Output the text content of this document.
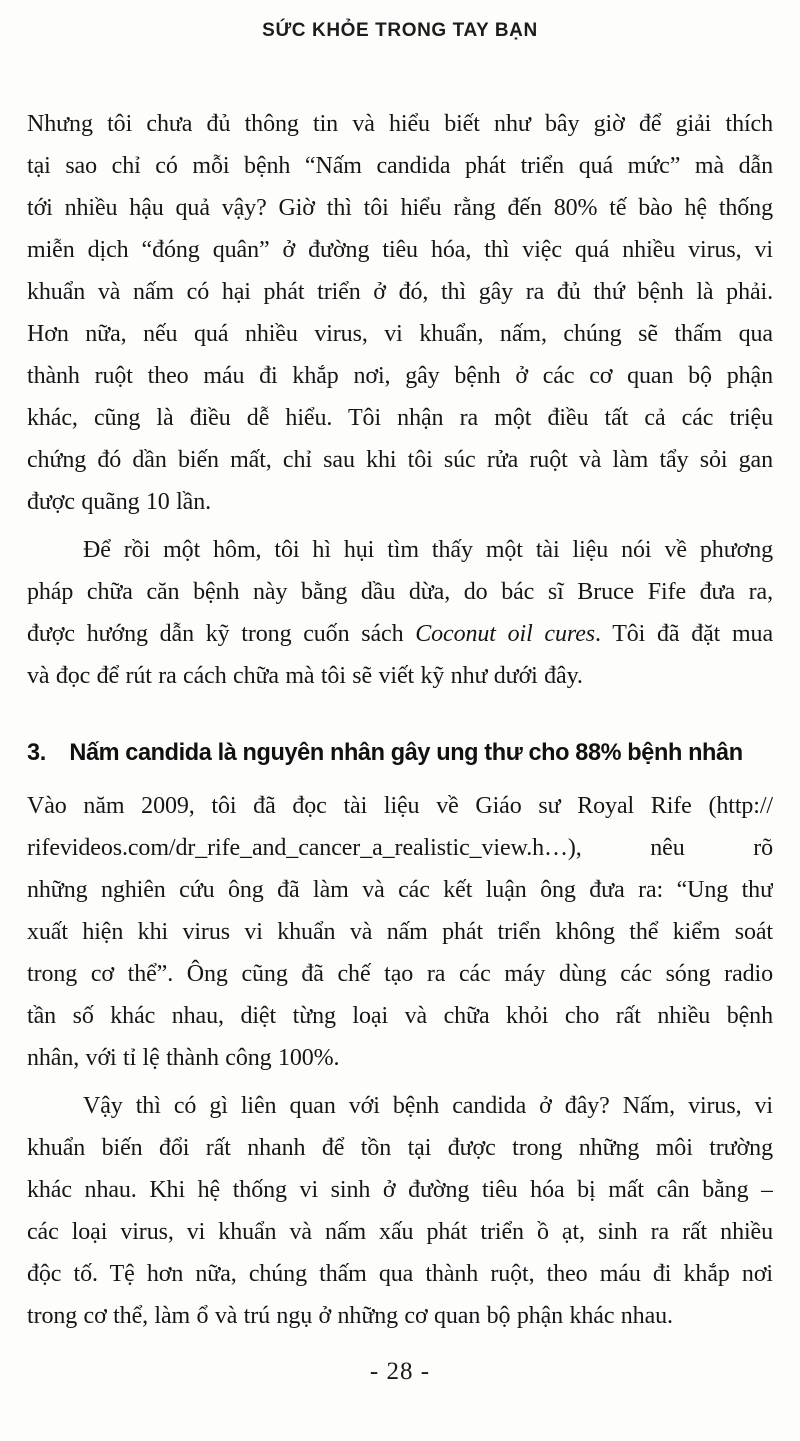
SỨC KHỎE TRONG TAY BẠN
Nhưng tôi chưa đủ thông tin và hiểu biết như bây giờ để giải thích
tại sao chỉ có mỗi bệnh “Nấm candida phát triển quá mức” mà dẫn
tới nhiều hậu quả vậy? Giờ thì tôi hiểu rằng đến 80% tế bào hệ thống
miễn dịch “đóng quân” ở đường tiêu hóa, thì việc quá nhiều virus, vi
khuẩn và nấm có hại phát triển ở đó, thì gây ra đủ thứ bệnh là phải.
Hơn nữa, nếu quá nhiều virus, vi khuẩn, nấm, chúng sẽ thấm qua
thành ruột theo máu đi khắp nơi, gây bệnh ở các cơ quan bộ phận
khác, cũng là điều dễ hiểu. Tôi nhận ra một điều tất cả các triệu
chứng đó dần biến mất, chỉ sau khi tôi súc rửa ruột và làm tẩy sỏi gan
được quãng 10 lần.
Để rồi một hôm, tôi hì hụi tìm thấy một tài liệu nói về phương
pháp chữa căn bệnh này bằng dầu dừa, do bác sĩ Bruce Fife đưa ra,
được hướng dẫn kỹ trong cuốn sách Coconut oil cures. Tôi đã đặt mua
và đọc để rút ra cách chữa mà tôi sẽ viết kỹ như dưới đây.
3. Nấm candida là nguyên nhân gây ung thư cho 88% bệnh nhân
Vào năm 2009, tôi đã đọc tài liệu về Giáo sư Royal Rife (http://
rifevideos.com/dr_rife_and_cancer_a_realistic_view.h…), nêu rõ
những nghiên cứu ông đã làm và các kết luận ông đưa ra: “Ung thư
xuất hiện khi virus vi khuẩn và nấm phát triển không thể kiểm soát
trong cơ thể”. Ông cũng đã chế tạo ra các máy dùng các sóng radio
tần số khác nhau, diệt từng loại và chữa khỏi cho rất nhiều bệnh
nhân, với tỉ lệ thành công 100%.
Vậy thì có gì liên quan với bệnh candida ở đây? Nấm, virus, vi
khuẩn biến đổi rất nhanh để tồn tại được trong những môi trường
khác nhau. Khi hệ thống vi sinh ở đường tiêu hóa bị mất cân bằng –
các loại virus, vi khuẩn và nấm xấu phát triển ồ ạt, sinh ra rất nhiều
độc tố. Tệ hơn nữa, chúng thấm qua thành ruột, theo máu đi khắp nơi
trong cơ thể, làm ổ và trú ngụ ở những cơ quan bộ phận khác nhau.
- 28 -
